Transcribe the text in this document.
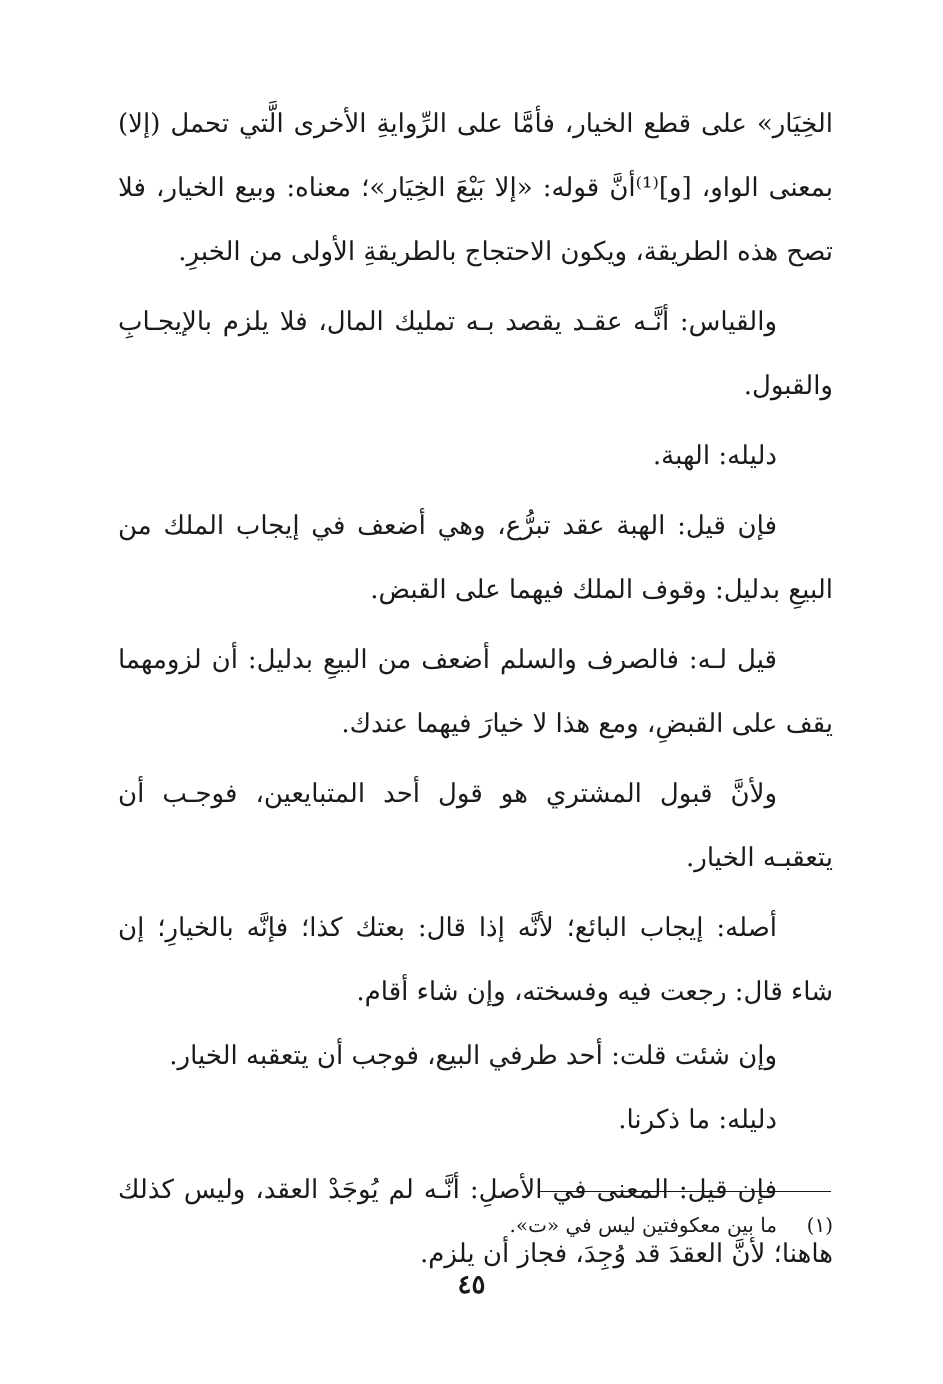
الخِيَار» على قطع الخيار، فأمَّا على الرِّوايةِ الأخرى الَّتي تحمل (إلا) بمعنى الواو، [و]⁽¹⁾أنَّ قوله: «إلا بَيْعَ الخِيَار»؛ معناه: وبيع الخيار، فلا تصح هذه الطريقة، ويكون الاحتجاج بالطريقةِ الأولى من الخبرِ.

والقياس: أنَّـه عقـد يقصد بـه تمليك المال، فلا يلزم بالإيجـابِ والقبول.

دليله: الهبة.

فإن قيل: الهبة عقد تبرُّع، وهي أضعف في إيجاب الملك من البيعِ بدليل: وقوف الملك فيهما على القبض.

قيل لـه: فالصرف والسلم أضعف من البيعِ بدليل: أن لزومهما يقف على القبضِ، ومع هذا لا خيارَ فيهما عندك.

ولأنَّ قبول المشتري هو قول أحد المتبايعين، فوجـب أن يتعقبـه الخيار.

أصله: إيجاب البائع؛ لأنَّه إذا قال: بعتك كذا؛ فإنَّه بالخيارِ؛ إن شاء قال: رجعت فيه وفسخته، وإن شاء أقام.

وإن شئت قلت: أحد طرفي البيع، فوجب أن يتعقبه الخيار.

دليله: ما ذكرنا.

فإن قيل: المعنى في الأصلِ: أنَّـه لم يُوجَدْ العقد، وليس كذلك هاهنا؛ لأنَّ العقدَ قد وُجِدَ، فجاز أن يلزم.

(١)ما بين معكوفتين ليس في «ت».
٤٥
